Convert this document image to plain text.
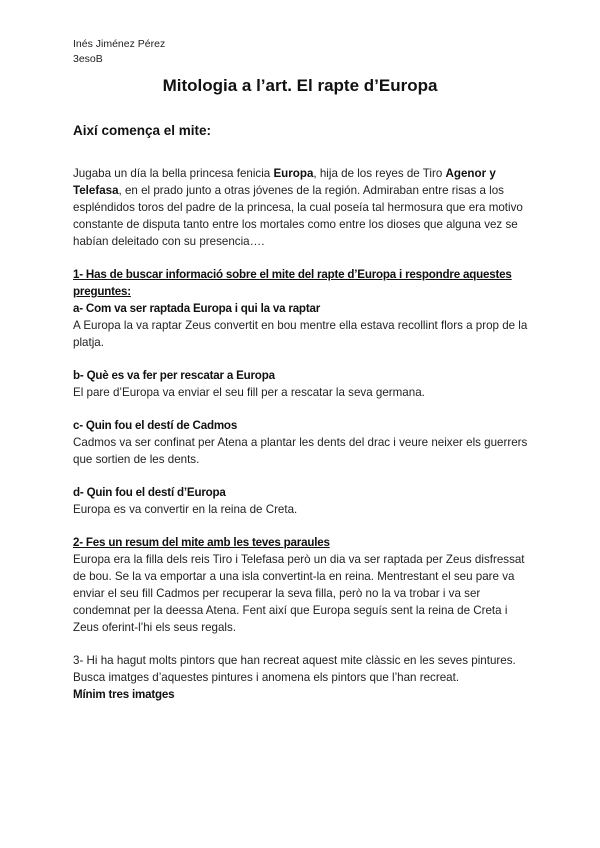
Inés Jiménez Pérez
3esoB
Mitologia a l’art. El rapte d’Europa
Així comença el mite:

Jugaba un día la bella princesa fenicia Europa, hija de los reyes de Tiro Agenor y Telefasa, en el prado junto a otras jóvenes de la región. Admiraban entre risas a los espléndidos toros del padre de la princesa, la cual poseía tal hermosura que era motivo constante de disputa tanto entre los mortales como entre los dioses que alguna vez se habían deleitado con su presencia….

1- Has de buscar informació sobre el mite del rapte d’Europa i respondre aquestes preguntes:

a- Com va ser raptada Europa i qui la va raptar

A Europa la va raptar Zeus convertit en bou mentre ella estava recollint flors a prop de la platja.

b- Què es va fer per rescatar a Europa

El pare d’Europa va enviar el seu fill per a rescatar la seva germana.

c- Quin fou el destí de Cadmos

Cadmos va ser confinat per Atena a plantar les dents del drac i veure neixer els guerrers que sortien de les dents.

d- Quin fou el destí d’Europa

Europa es va convertir en la reina de Creta.

2- Fes un resum del mite amb les teves paraules

Europa era la filla dels reis Tiro i Telefasa però un dia va ser raptada per Zeus disfressat de bou. Se la va emportar a una isla convertint-la en reina. Mentrestant el seu pare va enviar el seu fill Cadmos per recuperar la seva filla, però no la va trobar i va ser condemnat per la deessa Atena. Fent així que Europa seguís sent la reina de Creta i Zeus oferint-l’hi els seus regals.

3- Hi ha hagut molts pintors que han recreat aquest mite clàssic en les seves pintures. Busca imatges d’aquestes pintures i anomena els pintors que l’han recreat.

Mínim tres imatges
